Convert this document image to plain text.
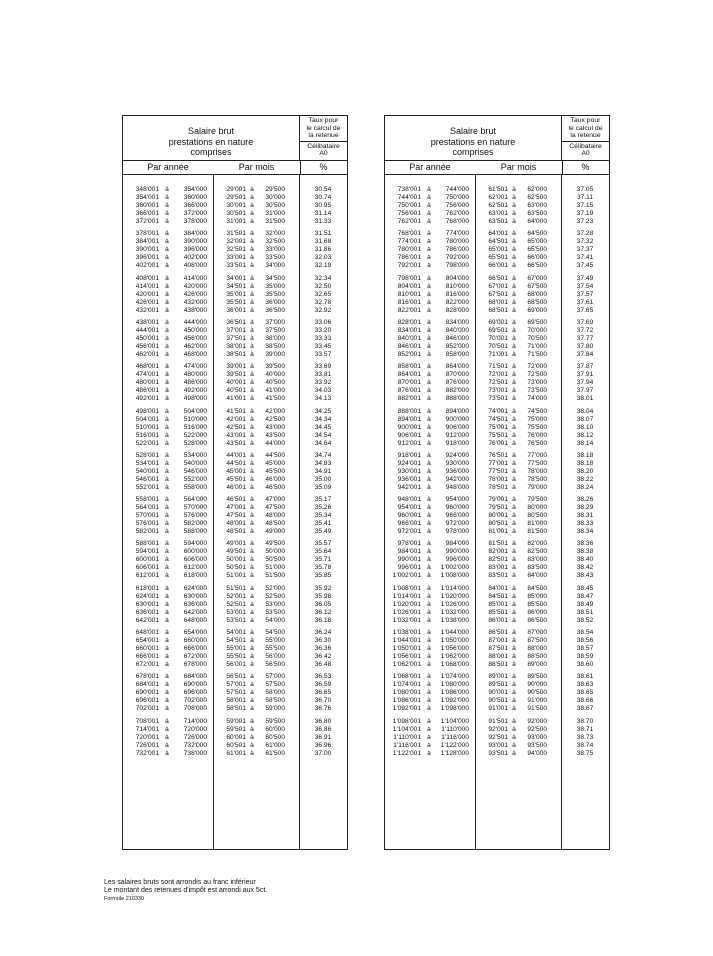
Salaire brut
prestations en nature
comprises
Taux pour
le calcul de
la retenue
Célibataire
A0
Par année	Par mois	%
348'001 à	354'000	29'001 à	29'500	30.54
354'001 à	360'000	29'501 à	30'000	30.74
360'001 à	366'000	30'001 à	30'500	30.95
366'001 à	372'000	30'501 à	31'000	31.14
372'001 à	378'000	31'001 à	31'500	31.33
378'001 à	384'000	31'501 à	32'000	31.51
384'001 à	390'000	32'001 à	32'500	31.68
390'001 à	396'000	32'501 à	33'000	31.86
396'001 à	402'000	33'001 à	33'500	32.03
402'001 à	408'000	33'501 à	34'000	32.19
408'001 à	414'000	34'001 à	34'500	32.34
414'001 à	420'000	34'501 à	35'000	32.50
420'001 à	426'000	35'001 à	35'500	32.65
426'001 à	432'000	35'501 à	36'000	32.78
432'001 à	438'000	36'001 à	36'500	32.92
438'001 à	444'000	36'501 à	37'000	33.06
444'001 à	450'000	37'001 à	37'500	33.20
450'001 à	456'000	37'501 à	38'000	33.33
456'001 à	462'000	38'001 à	38'500	33.45
462'001 à	468'000	38'501 à	39'000	33.57
468'001 à	474'000	39'001 à	39'500	33.69
474'001 à	480'000	39'501 à	40'000	33.81
480'001 à	486'000	40'001 à	40'500	33.92
486'001 à	492'000	40'501 à	41'000	34.03
492'001 à	498'000	41'001 à	41'500	34.13
498'001 à	504'000	41'501 à	42'000	34.25
504'001 à	510'000	42'001 à	42'500	34.34
510'001 à	516'000	42'501 à	43'000	34.45
516'001 à	522'000	43'001 à	43'500	34.54
522'001 à	528'000	43'501 à	44'000	34.64
528'001 à	534'000	44'001 à	44'500	34.74
534'001 à	540'000	44'501 à	45'000	34.83
540'001 à	546'000	45'001 à	45'500	34.91
546'001 à	552'000	45'501 à	46'000	35.00
552'001 à	558'000	46'001 à	46'500	35.09
558'001 à	564'000	46'501 à	47'000	35.17
564'001 à	570'000	47'001 à	47'500	35.26
570'001 à	576'000	47'501 à	48'000	35.34
576'001 à	582'000	48'001 à	48'500	35.41
582'001 à	588'000	48'501 à	49'000	35.49
588'001 à	594'000	49'001 à	49'500	35.57
594'001 à	600'000	49'501 à	50'000	35.64
600'001 à	606'000	50'001 à	50'500	35.71
606'001 à	612'000	50'501 à	51'000	35.78
612'001 à	618'000	51'001 à	51'500	35.85
618'001 à	624'000	51'501 à	52'000	35.92
624'001 à	630'000	52'001 à	52'500	35.98
630'001 à	636'000	52'501 à	53'000	36.05
636'001 à	642'000	53'001 à	53'500	36.12
642'001 à	648'000	53'501 à	54'000	36.18
648'001 à	654'000	54'001 à	54'500	36.24
654'001 à	660'000	54'501 à	55'000	36.30
660'001 à	666'000	55'001 à	55'500	36.36
666'001 à	672'000	55'501 à	56'000	36.42
672'001 à	678'000	56'001 à	56'500	36.48
678'001 à	684'000	56'501 à	57'000	36.53
684'001 à	690'000	57'001 à	57'500	36.59
690'001 à	696'000	57'501 à	58'000	36.65
696'001 à	702'000	58'001 à	58'500	36.70
702'001 à	708'000	58'501 à	59'000	36.76
708'001 à	714'000	59'001 à	59'500	36.80
714'001 à	720'000	59'501 à	60'000	36.86
720'001 à	726'000	60'001 à	60'500	36.91
726'001 à	732'000	60'501 à	61'000	36.96
732'001 à	738'000	61'001 à	61'500	37.00
Salaire brut
prestations en nature
comprises
Taux pour
le calcul de
la retenue
Célibataire
A0
Par année	Par mois	%
738'001 à	744'000	61'501 à	62'000	37.05
744'001 à	750'000	62'001 à	62'500	37.11
750'001 à	756'000	62'501 à	63'000	37.15
756'001 à	762'000	63'001 à	63'500	37.19
762'001 à	768'000	63'501 à	64'000	37.23
768'001 à	774'000	64'001 à	64'500	37.28
774'001 à	780'000	64'501 à	65'000	37.32
780'001 à	786'000	65'001 à	65'500	37.37
786'001 à	792'000	65'501 à	66'000	37.41
792'001 à	798'000	66'001 à	66'500	37.45
798'001 à	804'000	66'501 à	67'000	37.49
804'001 à	810'000	67'001 à	67'500	37.54
810'001 à	816'000	67'501 à	68'000	37.57
816'001 à	822'000	68'001 à	68'500	37.61
822'001 à	828'000	68'501 à	69'000	37.65
828'001 à	834'000	69'001 à	69'500	37.69
834'001 à	840'000	69'501 à	70'000	37.72
840'001 à	846'000	70'001 à	70'500	37.77
846'001 à	852'000	70'501 à	71'000	37.80
852'001 à	858'000	71'001 à	71'500	37.84
858'001 à	864'000	71'501 à	72'000	37.87
864'001 à	870'000	72'001 à	72'500	37.91
870'001 à	876'000	72'501 à	73'000	37.94
876'001 à	882'000	73'001 à	73'500	37.97
882'001 à	888'000	73'501 à	74'000	38.01
888'001 à	894'000	74'001 à	74'500	38.04
894'001 à	900'000	74'501 à	75'000	38.07
900'001 à	906'000	75'001 à	75'500	38.10
906'001 à	912'000	75'501 à	76'000	38.12
912'001 à	918'000	76'001 à	76'500	38.14
918'001 à	924'000	76'501 à	77'000	38.18
924'001 à	930'000	77'001 à	77'500	38.18
930'001 à	936'000	77'501 à	78'000	38.20
936'001 à	942'000	78'001 à	78'500	38.22
942'001 à	948'000	78'501 à	79'000	38.24
948'001 à	954'000	79'001 à	79'500	38.26
954'001 à	960'000	79'501 à	80'000	38.29
960'001 à	966'000	80'001 à	80'500	38.31
966'001 à	972'000	80'501 à	81'000	38.33
972'001 à	978'000	81'001 à	81'500	38.34
978'001 à	984'000	81'501 à	82'000	38.36
984'001 à	990'000	82'001 à	82'500	38.38
990'001 à	996'000	82'501 à	83'000	38.40
996'001 à	1'002'000	83'001 à	83'500	38.42
1'002'001 à	1'008'000	83'501 à	84'000	38.43
1'008'001 à	1'014'000	84'001 à	84'500	38.45
1'014'001 à	1'020'000	84'501 à	85'000	38.47
1'020'001 à	1'026'000	85'001 à	85'500	38.49
1'026'001 à	1'032'000	85'501 à	86'000	38.51
1'032'001 à	1'038'000	86'001 à	86'500	38.52
1'038'001 à	1'044'000	86'501 à	87'000	38.54
1'044'001 à	1'050'000	87'001 à	87'500	38.56
1'050'001 à	1'056'000	87'501 à	88'000	38.57
1'056'001 à	1'062'000	88'001 à	88'500	38.59
1'062'001 à	1'068'000	88'501 à	89'000	38.60
1'068'001 à	1'074'000	89'001 à	89'500	38.61
1'074'001 à	1'080'000	89'501 à	90'000	38.63
1'080'001 à	1'086'000	90'001 à	90'500	38.65
1'086'001 à	1'092'000	90'501 à	91'000	38.66
1'092'001 à	1'098'000	91'001 à	91'500	38.67
1'098'001 à	1'104'000	91'501 à	92'000	38.70
1'104'001 à	1'110'000	92'001 à	92'500	38.71
1'110'001 à	1'116'000	92'501 à	93'000	38.73
1'116'001 à	1'122'000	93'001 à	93'500	38.74
1'122'001 à	1'128'000	93'501 à	94'000	38.75
Les salaires bruts sont arrondis au franc inférieur
Le montant des retenues d'impôt est arrondi aux 5ct.
Formule 210330
